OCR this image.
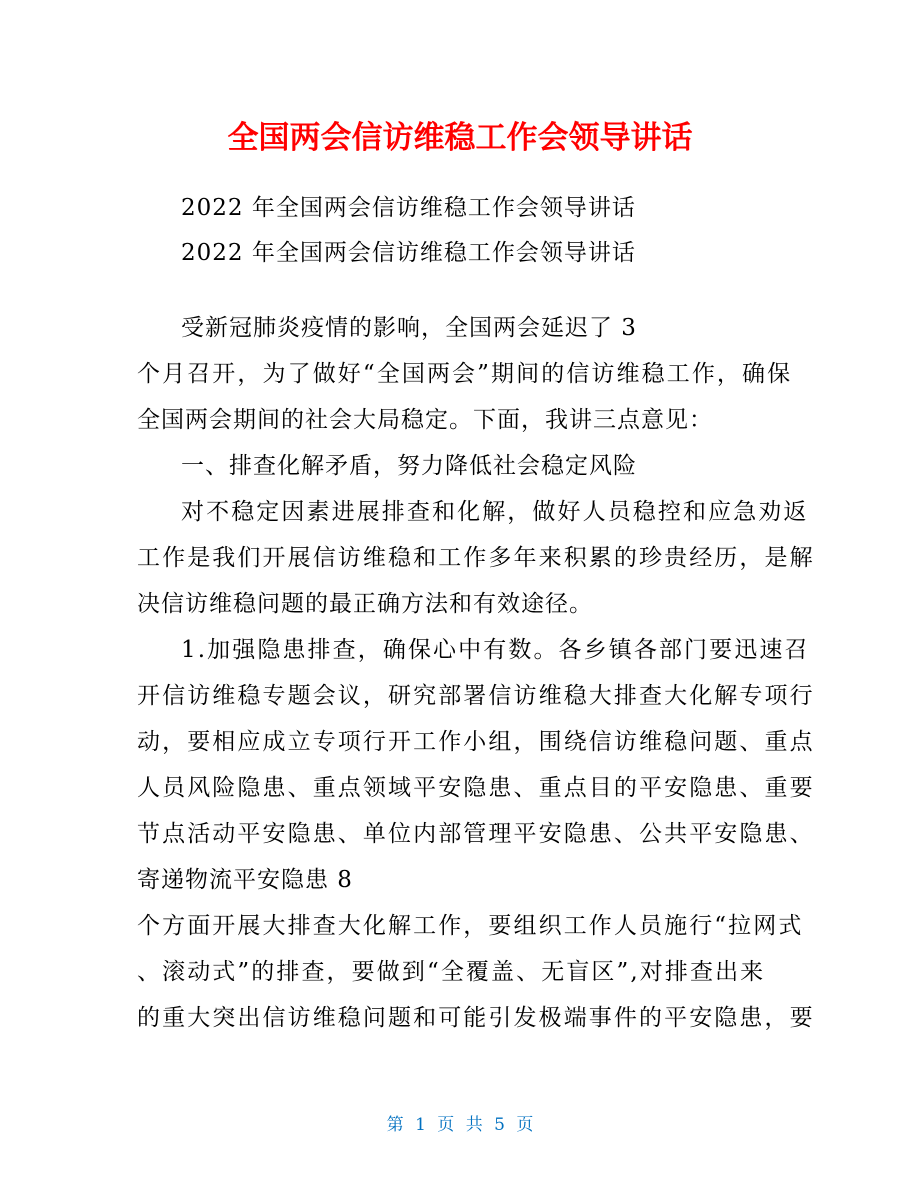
全国两会信访维稳工作会领导讲话

2022 年全国两会信访维稳工作会领导讲话

2022 年全国两会信访维稳工作会领导讲话

受新冠肺炎疫情的影响，全国两会延迟了 3

个月召开，为了做好“全国两会”期间的信访维稳工作，确保

全国两会期间的社会大局稳定。下面，我讲三点意见：

一、排查化解矛盾，努力降低社会稳定风险

对不稳定因素进展排查和化解，做好人员稳控和应急劝返

工作是我们开展信访维稳和工作多年来积累的珍贵经历，是解

决信访维稳问题的最正确方法和有效途径。

1.加强隐患排查，确保心中有数。各乡镇各部门要迅速召

开信访维稳专题会议，研究部署信访维稳大排查大化解专项行

动，要相应成立专项行开工作小组，围绕信访维稳问题、重点

人员风险隐患、重点领域平安隐患、重点目的平安隐患、重要

节点活动平安隐患、单位内部管理平安隐患、公共平安隐患、

寄递物流平安隐患 8

个方面开展大排查大化解工作，要组织工作人员施行“拉网式

、滚动式”的排查，要做到“全覆盖、无盲区”,对排查出来

的重大突出信访维稳问题和可能引发极端事件的平安隐患，要

第 1 页 共 5 页
